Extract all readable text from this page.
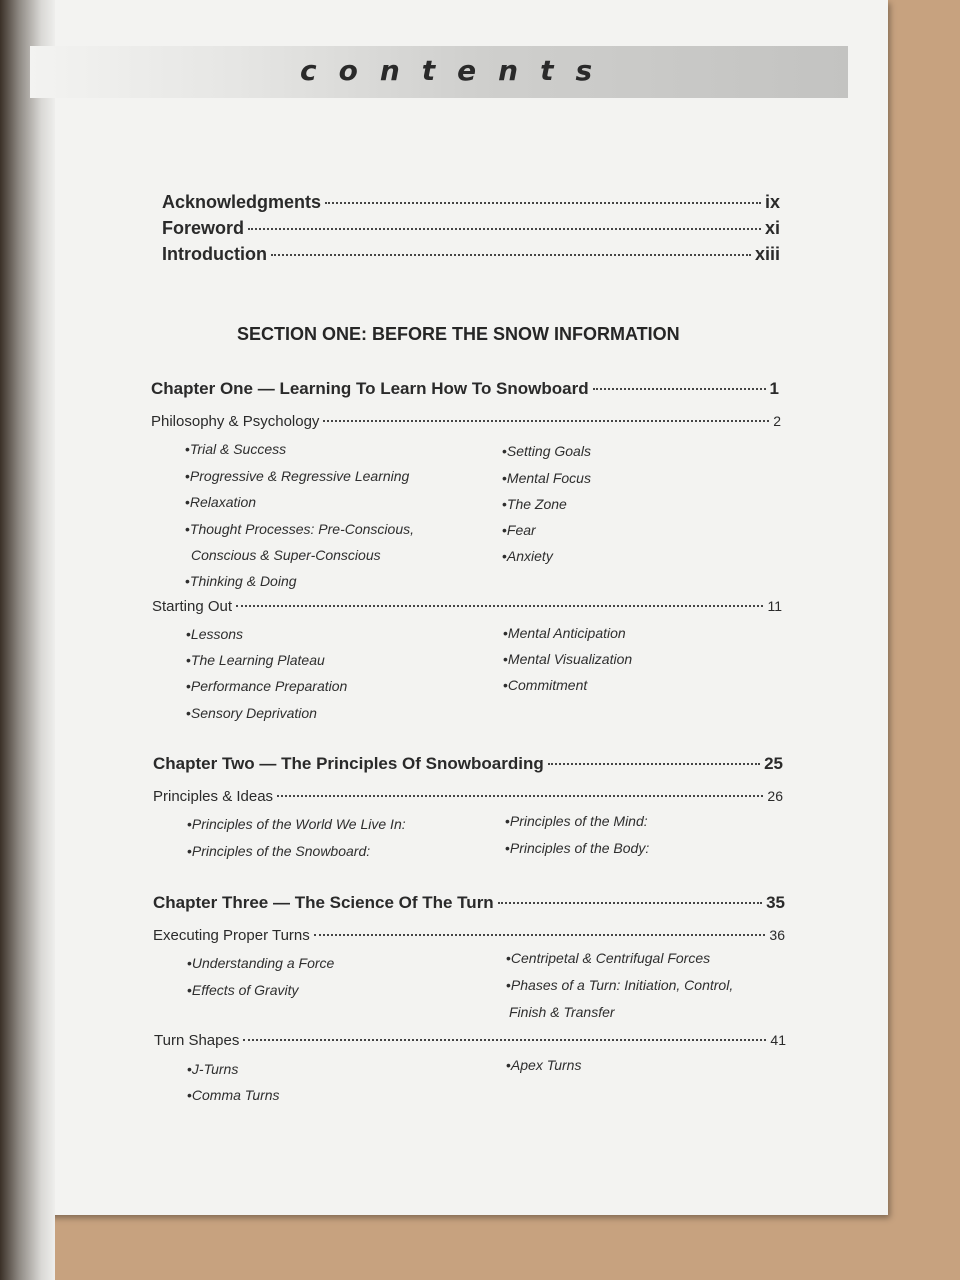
contents
Acknowledgments	ix
Foreword	xi
Introduction	xiii
SECTION ONE: BEFORE THE SNOW INFORMATION
Chapter One — Learning To Learn How To Snowboard	1
Philosophy & Psychology	2
• Trial & Success
• Progressive & Regressive Learning
• Relaxation
• Thought Processes: Pre-Conscious,
Conscious & Super-Conscious
• Thinking & Doing
• Setting Goals
• Mental Focus
• The Zone
• Fear
• Anxiety
Starting Out	11
• Lessons
• The Learning Plateau
• Performance Preparation
• Sensory Deprivation
• Mental Anticipation
• Mental Visualization
• Commitment
Chapter Two — The Principles Of Snowboarding	25
Principles & Ideas	26
• Principles of the World We Live In:
• Principles of the Snowboard:
• Principles of the Mind:
• Principles of the Body:
Chapter Three — The Science Of The Turn	35
Executing Proper Turns	36
• Understanding a Force
• Effects of Gravity
• Centripetal & Centrifugal Forces
• Phases of a Turn: Initiation, Control,
Finish & Transfer
Turn Shapes	41
• J-Turns
• Comma Turns
• Apex Turns
